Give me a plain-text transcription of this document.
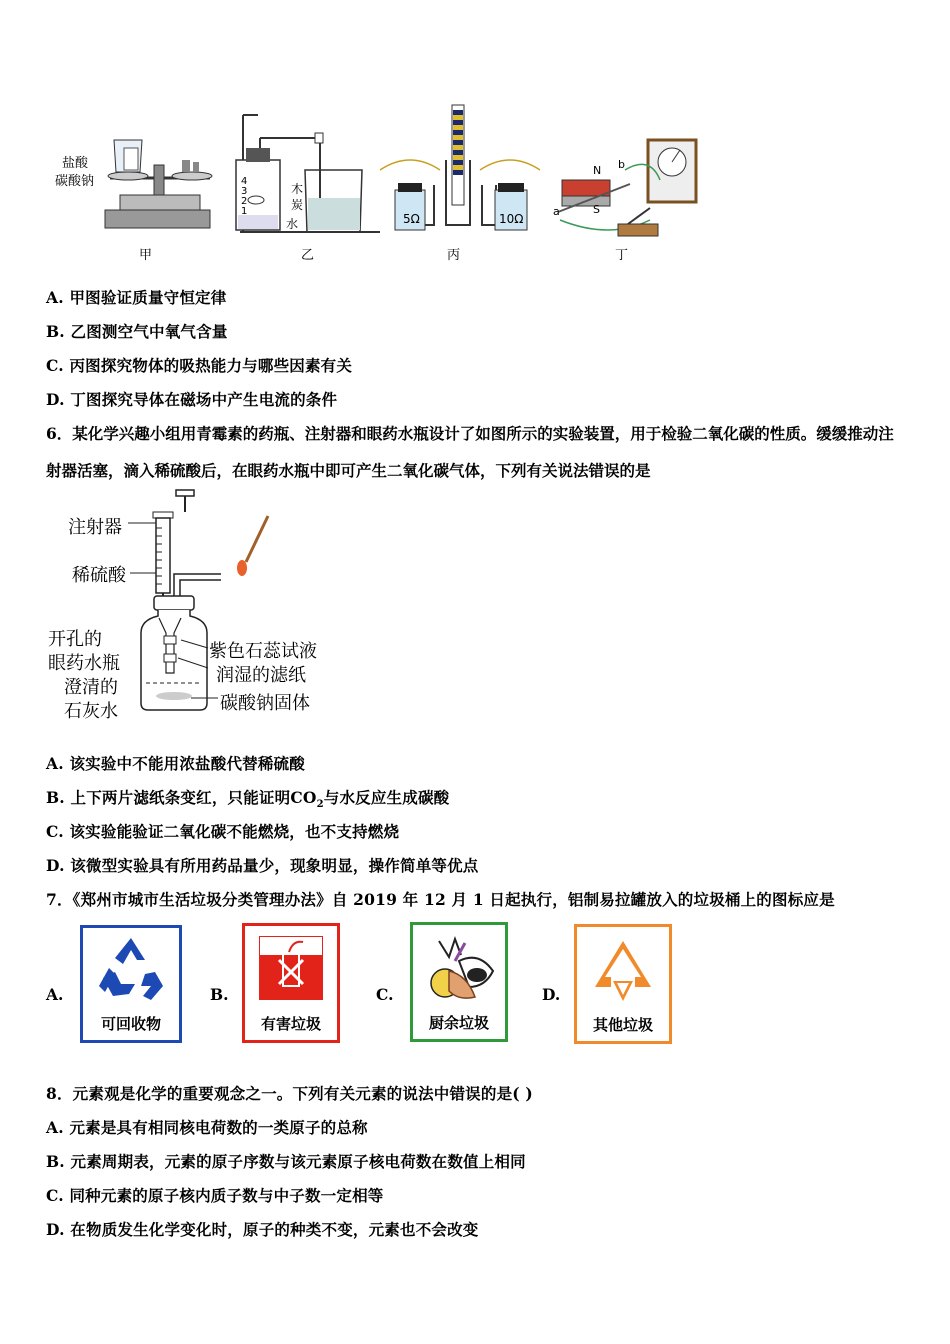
盐酸
碳酸钠	木
炭
水	5Ω	10Ω
N
S
a
b
4
3
2
1
甲	乙	丙	丁
A. 甲图验证质量守恒定律
B. 乙图测空气中氧气含量
C. 丙图探究物体的吸热能力与哪些因素有关
D. 丁图探究导体在磁场中产生电流的条件
6．某化学兴趣小组用青霉素的药瓶、注射器和眼药水瓶设计了如图所示的实验装置，用于检验二氧化碳的性质。缓缓推动注射器活塞，滴入稀硫酸后，在眼药水瓶中即可产生二氧化碳气体，下列有关说法错误的是
注射器
稀硫酸
开孔的
眼药水瓶
澄清的
石灰水
紫色石蕊试液
润湿的滤纸
碳酸钠固体
A. 该实验中不能用浓盐酸代替稀硫酸
B. 上下两片滤纸条变红，只能证明$CO_2$与水反应生成碳酸
C. 该实验能验证二氧化碳不能燃烧，也不支持燃烧
D. 该微型实验具有所用药品量少，现象明显，操作简单等优点
7．《郑州市城市生活垃圾分类管理办法》自 2019 年 12 月 1 日起执行，铝制易拉罐放入的垃圾桶上的图标应是
A.
可回收物
B.
有害垃圾
C.
厨余垃圾
D.
其他垃圾
8．元素观是化学的重要观念之一。下列有关元素的说法中错误的是( )
A. 元素是具有相同核电荷数的一类原子的总称
B. 元素周期表，元素的原子序数与该元素原子核电荷数在数值上相同
C. 同种元素的原子核内质子数与中子数一定相等
D. 在物质发生化学变化时，原子的种类不变，元素也不会改变
